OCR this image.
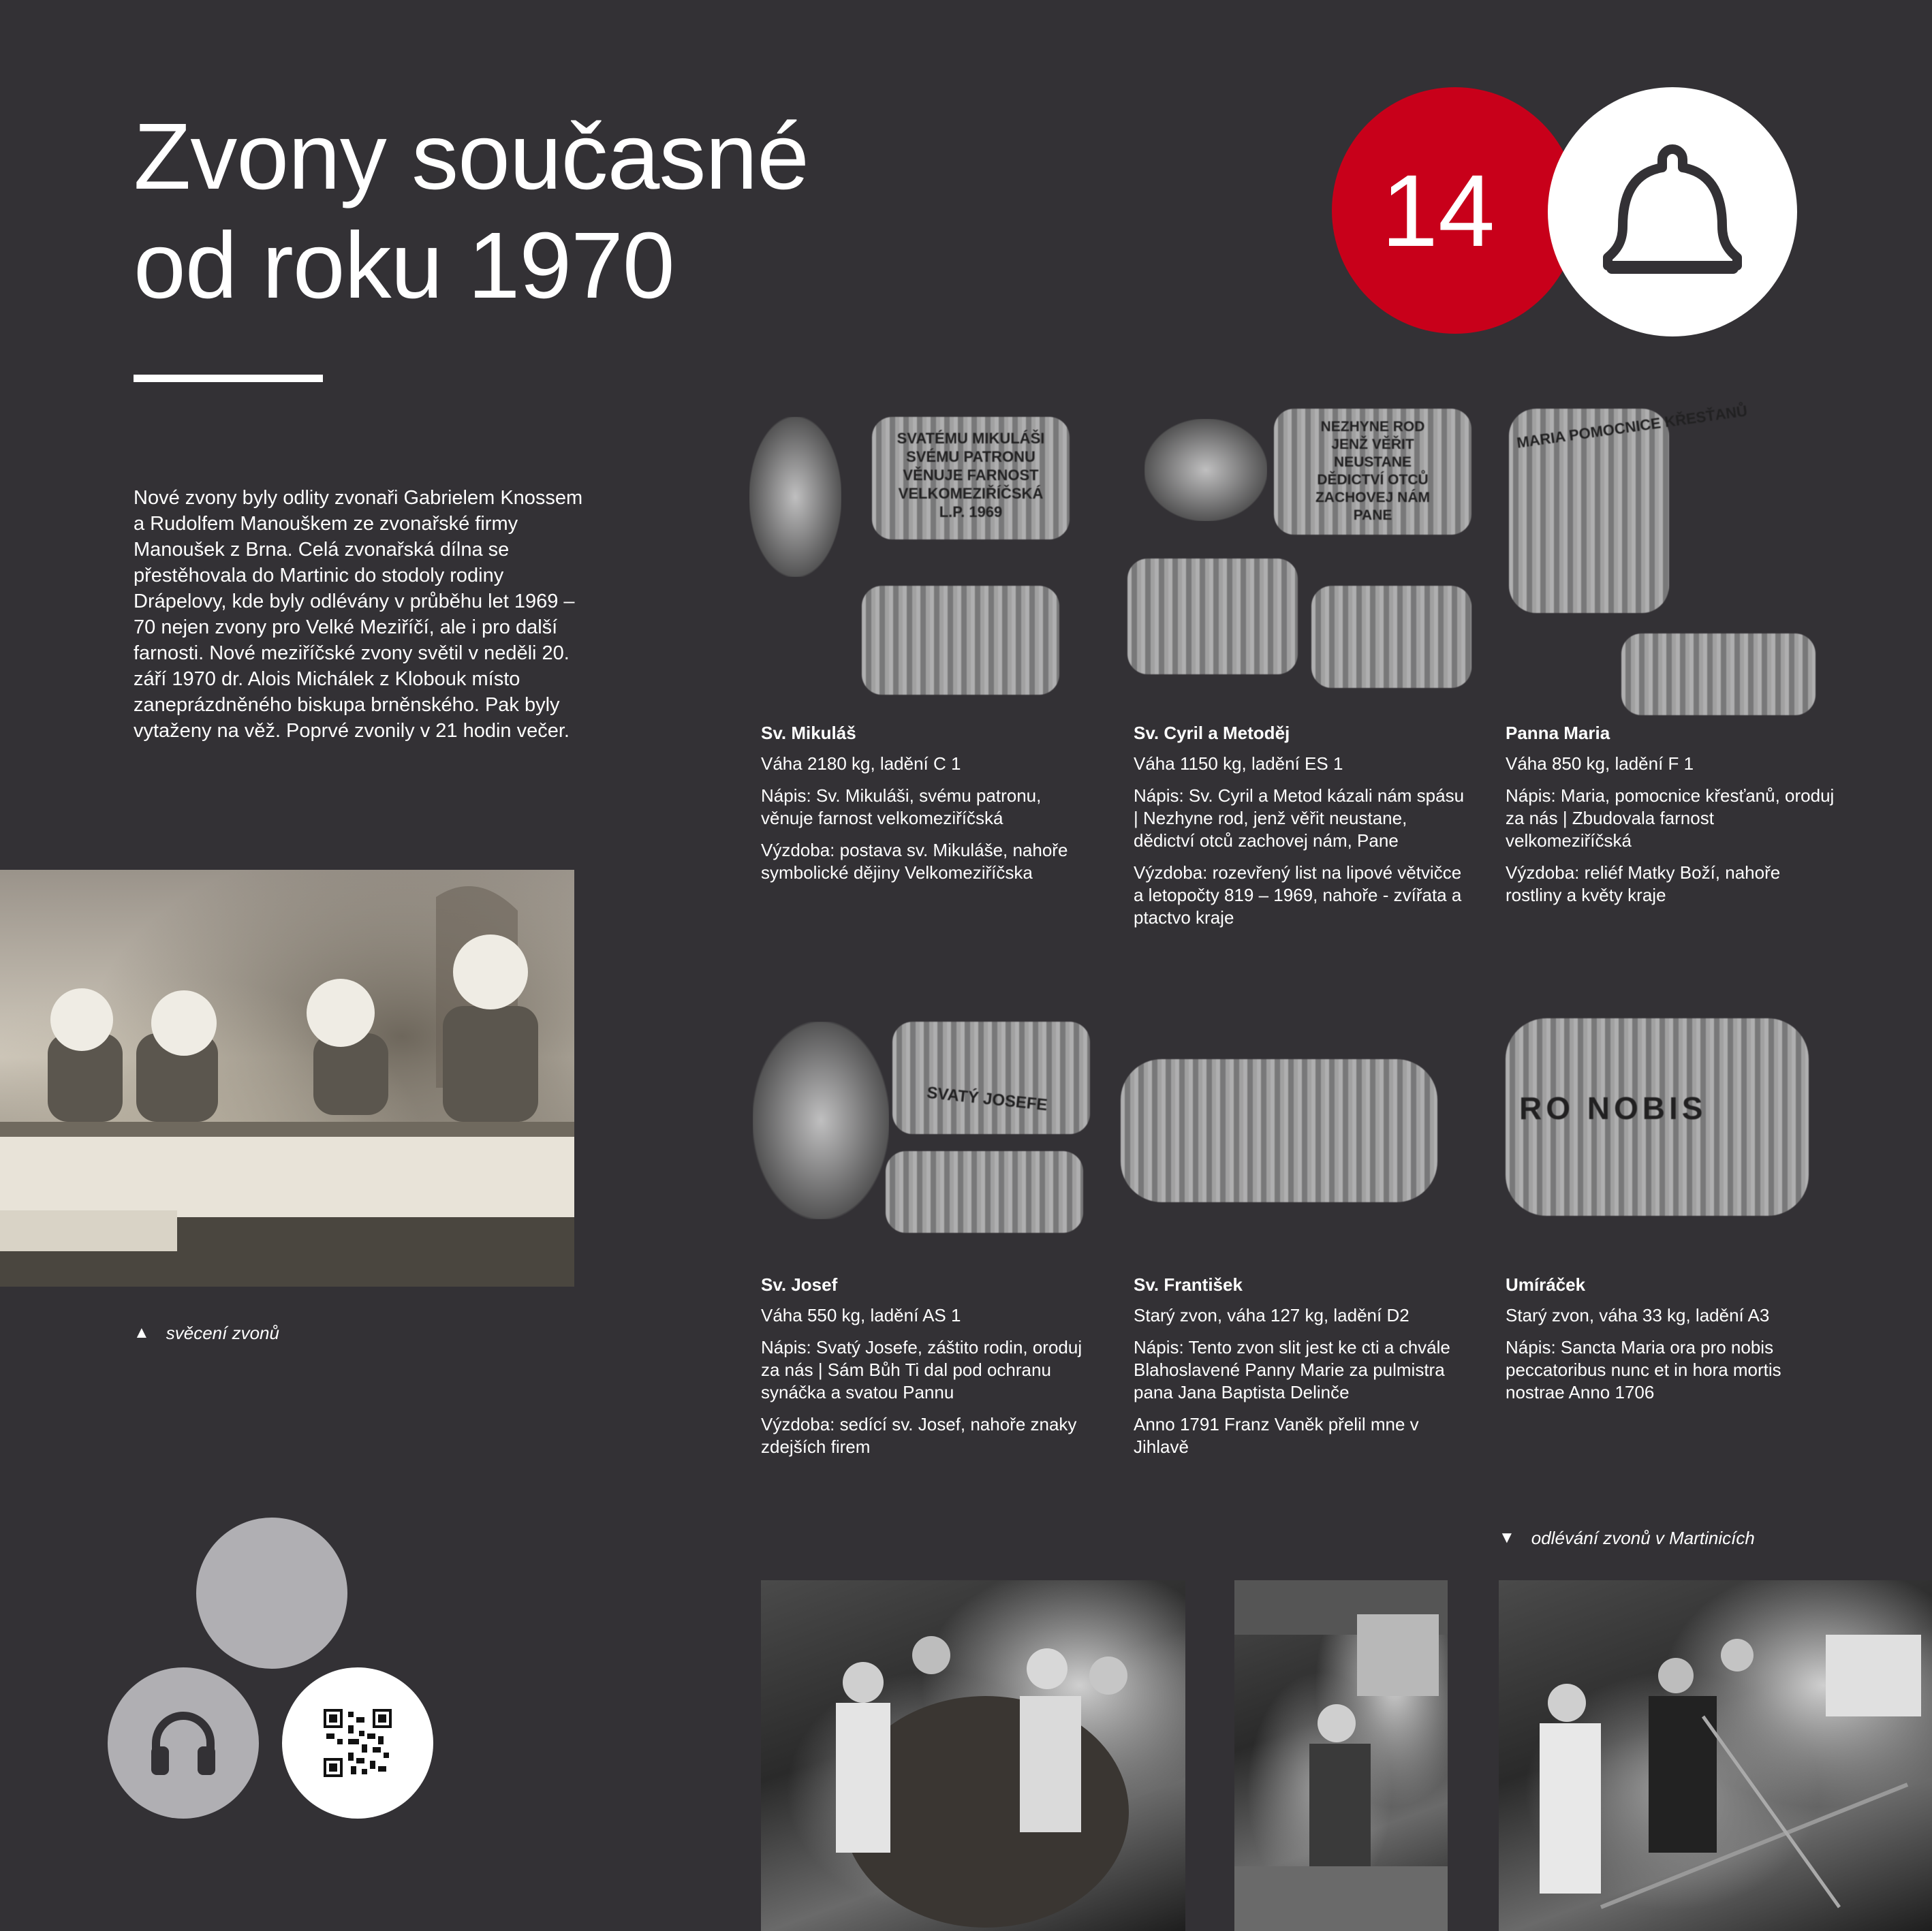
Zvony současné
od roku 1970	14
Nové zvony byly odlity zvonaři Gabrielem Knossem a Rudolfem Manouškem ze zvonařské firmy Manoušek z Brna. Celá zvonařská dílna se přestěhovala do Martinic do stodoly rodiny Drápelovy, kde byly odlévány v průběhu let 1969 – 70 nejen zvony pro Velké Meziříčí, ale i pro další farnosti. Nové meziříčské zvony světil v neděli 20. září 1970 dr. Alois Michálek z Klobouk místo zaneprázdněného biskupa brněnského. Pak byly vytaženy na věž. Poprvé zvonily v 21 hodin večer.
▲ svěcení zvonů
SVATÉMU MIKULÁŠI
SVÉMU PATRONU
VĚNUJE FARNOST
VELKOMEZIŘÍČSKÁ
L.P. 1969
NEZHYNE ROD
JENŽ VĚŘIT
NEUSTANE
DĚDICTVÍ OTCŮ
ZACHOVEJ NÁM
PANE
MARIA POMOCNICE KŘESŤANŮ
Sv. Mikuláš

Váha 2180 kg, ladění C 1

Nápis: Sv. Mikuláši, svému patronu, věnuje farnost velkomeziříčská

Výzdoba: postava sv. Mikuláše, nahoře symbolické dějiny Velkomeziříčska

Sv. Cyril a Metoděj

Váha 1150 kg, ladění ES 1

Nápis: Sv. Cyril a Metod kázali nám spásu | Nezhyne rod, jenž věřit neustane, dědictví otců zachovej nám, Pane

Výzdoba: rozevřený list na lipové větvičce a letopočty 819 – 1969, nahoře - zvířata a ptactvo kraje

Panna Maria

Váha 850 kg, ladění F 1

Nápis: Maria, pomocnice křesťanů, oroduj za nás | Zbudovala farnost velkomeziříčská

Výzdoba: reliéf Matky Boží, nahoře rostliny a květy kraje

SVATÝ JOSEFE	RO NOBIS
Sv. Josef

Váha 550 kg, ladění AS 1

Nápis: Svatý Josefe, záštito rodin, oroduj za nás | Sám Bůh Ti dal pod ochranu synáčka a svatou Pannu

Výzdoba: sedící sv. Josef, nahoře znaky zdejších firem

Sv. František

Starý zvon, váha 127 kg, ladění D2

Nápis: Tento zvon slit jest ke cti a chvále Blahoslavené Panny Marie za pulmistra pana Jana Baptista Delinče

Anno 1791 Franz Vaněk přelil mne v Jihlavě

Umíráček

Starý zvon, váha 33 kg, ladění A3

Nápis: Sancta Maria ora pro nobis peccatoribus nunc et in hora mortis nostrae Anno 1706

▼ odlévání zvonů v Martinicích
